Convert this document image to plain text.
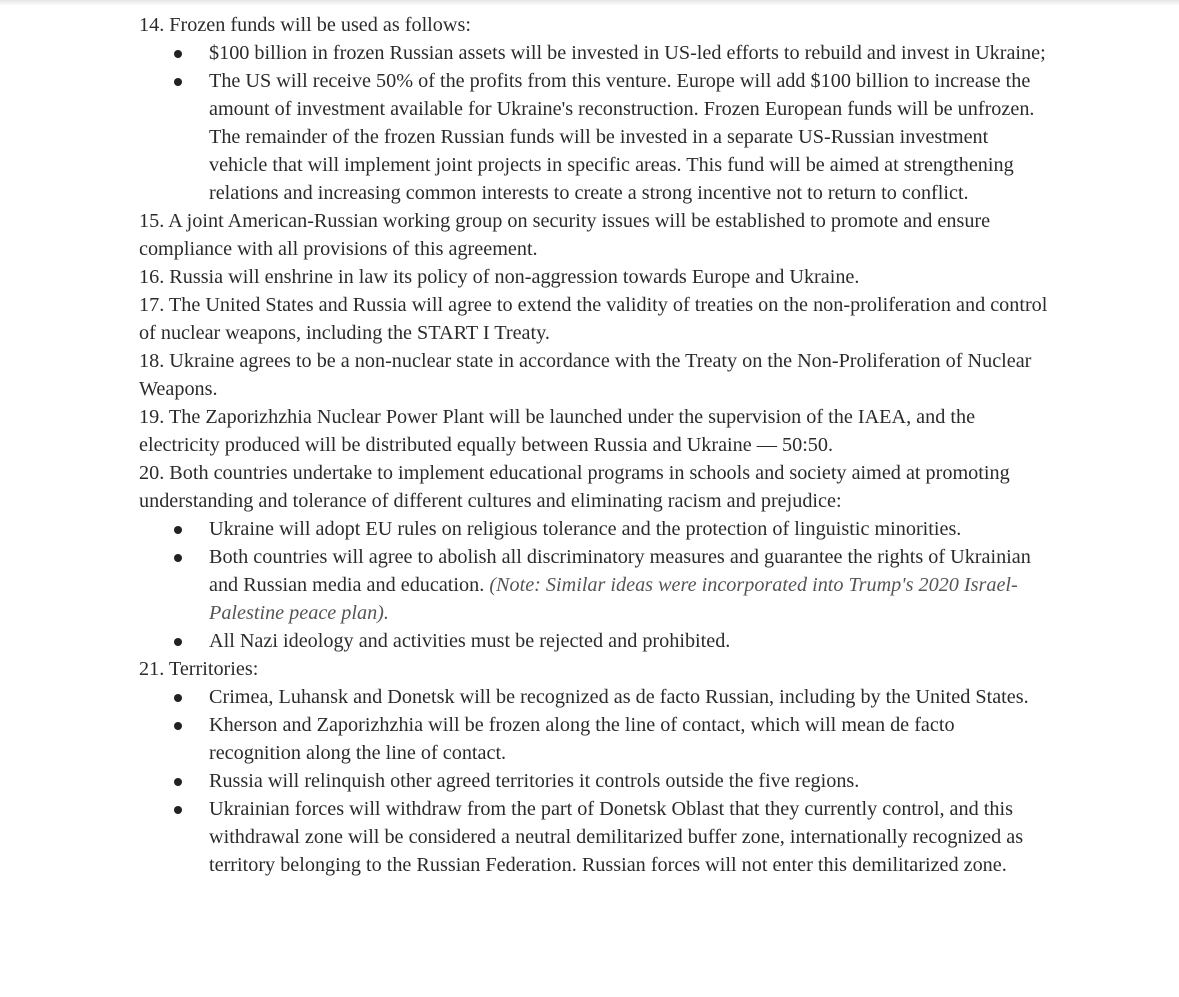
14. Frozen funds will be used as follows:

$100 billion in frozen Russian assets will be invested in US-led efforts to rebuild and invest in Ukraine;
The US will receive 50% of the profits from this venture. Europe will add $100 billion to increase the amount of investment available for Ukraine's reconstruction. Frozen European funds will be unfrozen. The remainder of the frozen Russian funds will be invested in a separate US-Russian investment vehicle that will implement joint projects in specific areas. This fund will be aimed at strengthening relations and increasing common interests to create a strong incentive not to return to conflict.

15. A joint American-Russian working group on security issues will be established to promote and ensure compliance with all provisions of this agreement.

16. Russia will enshrine in law its policy of non-aggression towards Europe and Ukraine.

17. The United States and Russia will agree to extend the validity of treaties on the non-proliferation and control of nuclear weapons, including the START I Treaty.

18. Ukraine agrees to be a non-nuclear state in accordance with the Treaty on the Non-Proliferation of Nuclear Weapons.

19. The Zaporizhzhia Nuclear Power Plant will be launched under the supervision of the IAEA, and the electricity produced will be distributed equally between Russia and Ukraine — 50:50.

20. Both countries undertake to implement educational programs in schools and society aimed at promoting understanding and tolerance of different cultures and eliminating racism and prejudice:

Ukraine will adopt EU rules on religious tolerance and the protection of linguistic minorities.
Both countries will agree to abolish all discriminatory measures and guarantee the rights of Ukrainian and Russian media and education. (Note: Similar ideas were incorporated into Trump's 2020 Israel-Palestine peace plan).
All Nazi ideology and activities must be rejected and prohibited.

21. Territories:

Crimea, Luhansk and Donetsk will be recognized as de facto Russian, including by the United States.
Kherson and Zaporizhzhia will be frozen along the line of contact, which will mean de facto recognition along the line of contact.
Russia will relinquish other agreed territories it controls outside the five regions.
Ukrainian forces will withdraw from the part of Donetsk Oblast that they currently control, and this withdrawal zone will be considered a neutral demilitarized buffer zone, internationally recognized as territory belonging to the Russian Federation. Russian forces will not enter this demilitarized zone.
